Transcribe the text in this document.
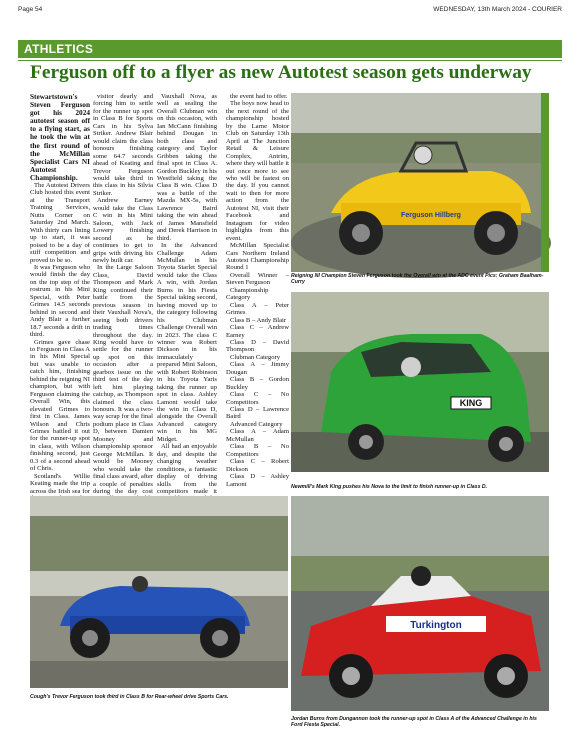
Page 54	WEDNESDAY, 13th March 2024 - COURIER
ATHLETICS
Ferguson off to a flyer as new Autotest season gets underway

Stewartstown's Steven Ferguson got his 2024 autotest season off to a flying start, as he took the win at the first round of the McMillan Specialist Cars NI Autotest Championship.

The Autotest Drivers Club hosted this event at the Transport Training Services, Nutts Corner on Saturday 2nd March. With thirty cars lining up to start, it was poised to be a day of stiff competition and proved to be so.

It was Ferguson who would finish the day on the top step of the rostrum in his Mini Special, with Peter Grimes 14.5 seconds behind in second and Andy Blair a further 18.7 seconds a drift in third.

Grimes gave chase to Ferguson in Class A in his Mini Special but was unable to catch him, finishing behind the reigning NI champion, but with Ferguson claiming the Overall Win, this elevated Grimes to first in Class. James Wilson and Chris Grimes battled it out for the runner-up spot in class, with Wilson finishing second, just 0.3 of a second ahead of Chris.

Scotland's Willie Keating made the trip across the Irish sea for

visitor dearly and forcing him to settle for the runner up spot in Class B for Sports Cars in his Sylva Striker. Andrew Blair would claim the class honours finishing some 64.7 seconds ahead of Keating and Trevor Ferguson would take third in this class in his Silvia Striker.

Andrew Earney would take the Class C win in his Mini Saloon, with Jack Lowery finishing second as he continues to get to grips with driving his newly built car.

In the Large Saloon Class, David Thompson and Mark King continued their battle from the previous season in their Vauxhall Nova's, seeing both drivers trading times throughout the day. King would have to settle for the runner up spot on this occasion after a gearbox issue on the third test of the day left him playing catchup, as Thompson claimed the class honours. It was a two-way scrap for the final podium place in Class D, between Damien Mooney and championship sponsor George McMillan. It would be Mooney who would take the final class award, after a couple of penalties during the day cost

Vauxhall Nova, as well as sealing the Overall Clubman win on this occasion, with Ian McCann finishing behind Dougan in both class and category and Taylor Gribben taking the final spot in Class A. Gordon Buckley in his Westfield taking the Class B win. Class D was a battle of the Mazda MX-5s, with Lawrence Baird taking the win ahead of James Mansfield and Derek Harrison in third.

In the Advanced Challenge Adam McMullan in his Toyota Starlet Special would take the Class A win, with Jordan Burns in his Fiesta Special taking second, having moved up to the category following his Clubman Challenge Overall win in 2023. The class C winner was Robert Dickson in his immaculately prepared Mini Saloon, with Robert Robinson in his Toyota Yaris taking the runner up spot in class. Ashley Lamont would take the win in Class D, alongside the Overall Advanced category win in his MG Midget.

All had an enjoyable day, and despite the changing weather conditions, a fantastic display of driving skills from the competitors made it

the event had to offer.

The boys now head to the next round of the championship hosted by the Larne Motor Club on Saturday 13th April at The Junction Retail & Leisure Complex, Antrim, where they will battle it out once more to see who will be fastest on the day. If you cannot wait to then for more action from the Autotest NI, visit their Facebook and Instagram for video highlights from this event.

McMillan Specialist Cars Northern Ireland Autotest Championship Round 1

Overall Winner – Steven Ferguson

Championship Category

Class A – Peter Grimes

Class B – Andy Blair

Class C – Andrew Earney

Class D – David Thompson

Clubman Category

Class A – Jimmy Dougan

Class B – Gordon Buckley

Class C – No Competitors

Class D – Lawrence Baird

Advanced Category

Class A – Adam McMullan

Class B – No Competitors

Class C – Robert Dickson

Class D – Ashley Lamont

Ferguson Hillberg
Reigning NI Champion Steven Ferguson took the Overall win at the ADC event Pics: Graham Baalham-Curry
KING
Newmill's Mark King pushes his Nova to the limit to finish runner-up in Class D.
Cough's Trevor Ferguson took third in Class B for Rear-wheel drive Sports Cars.
Turkington
Jordan Burns from Dungannon took the runner-up spot in Class A of the Advanced Challenge in his Ford Fiesta Special.
